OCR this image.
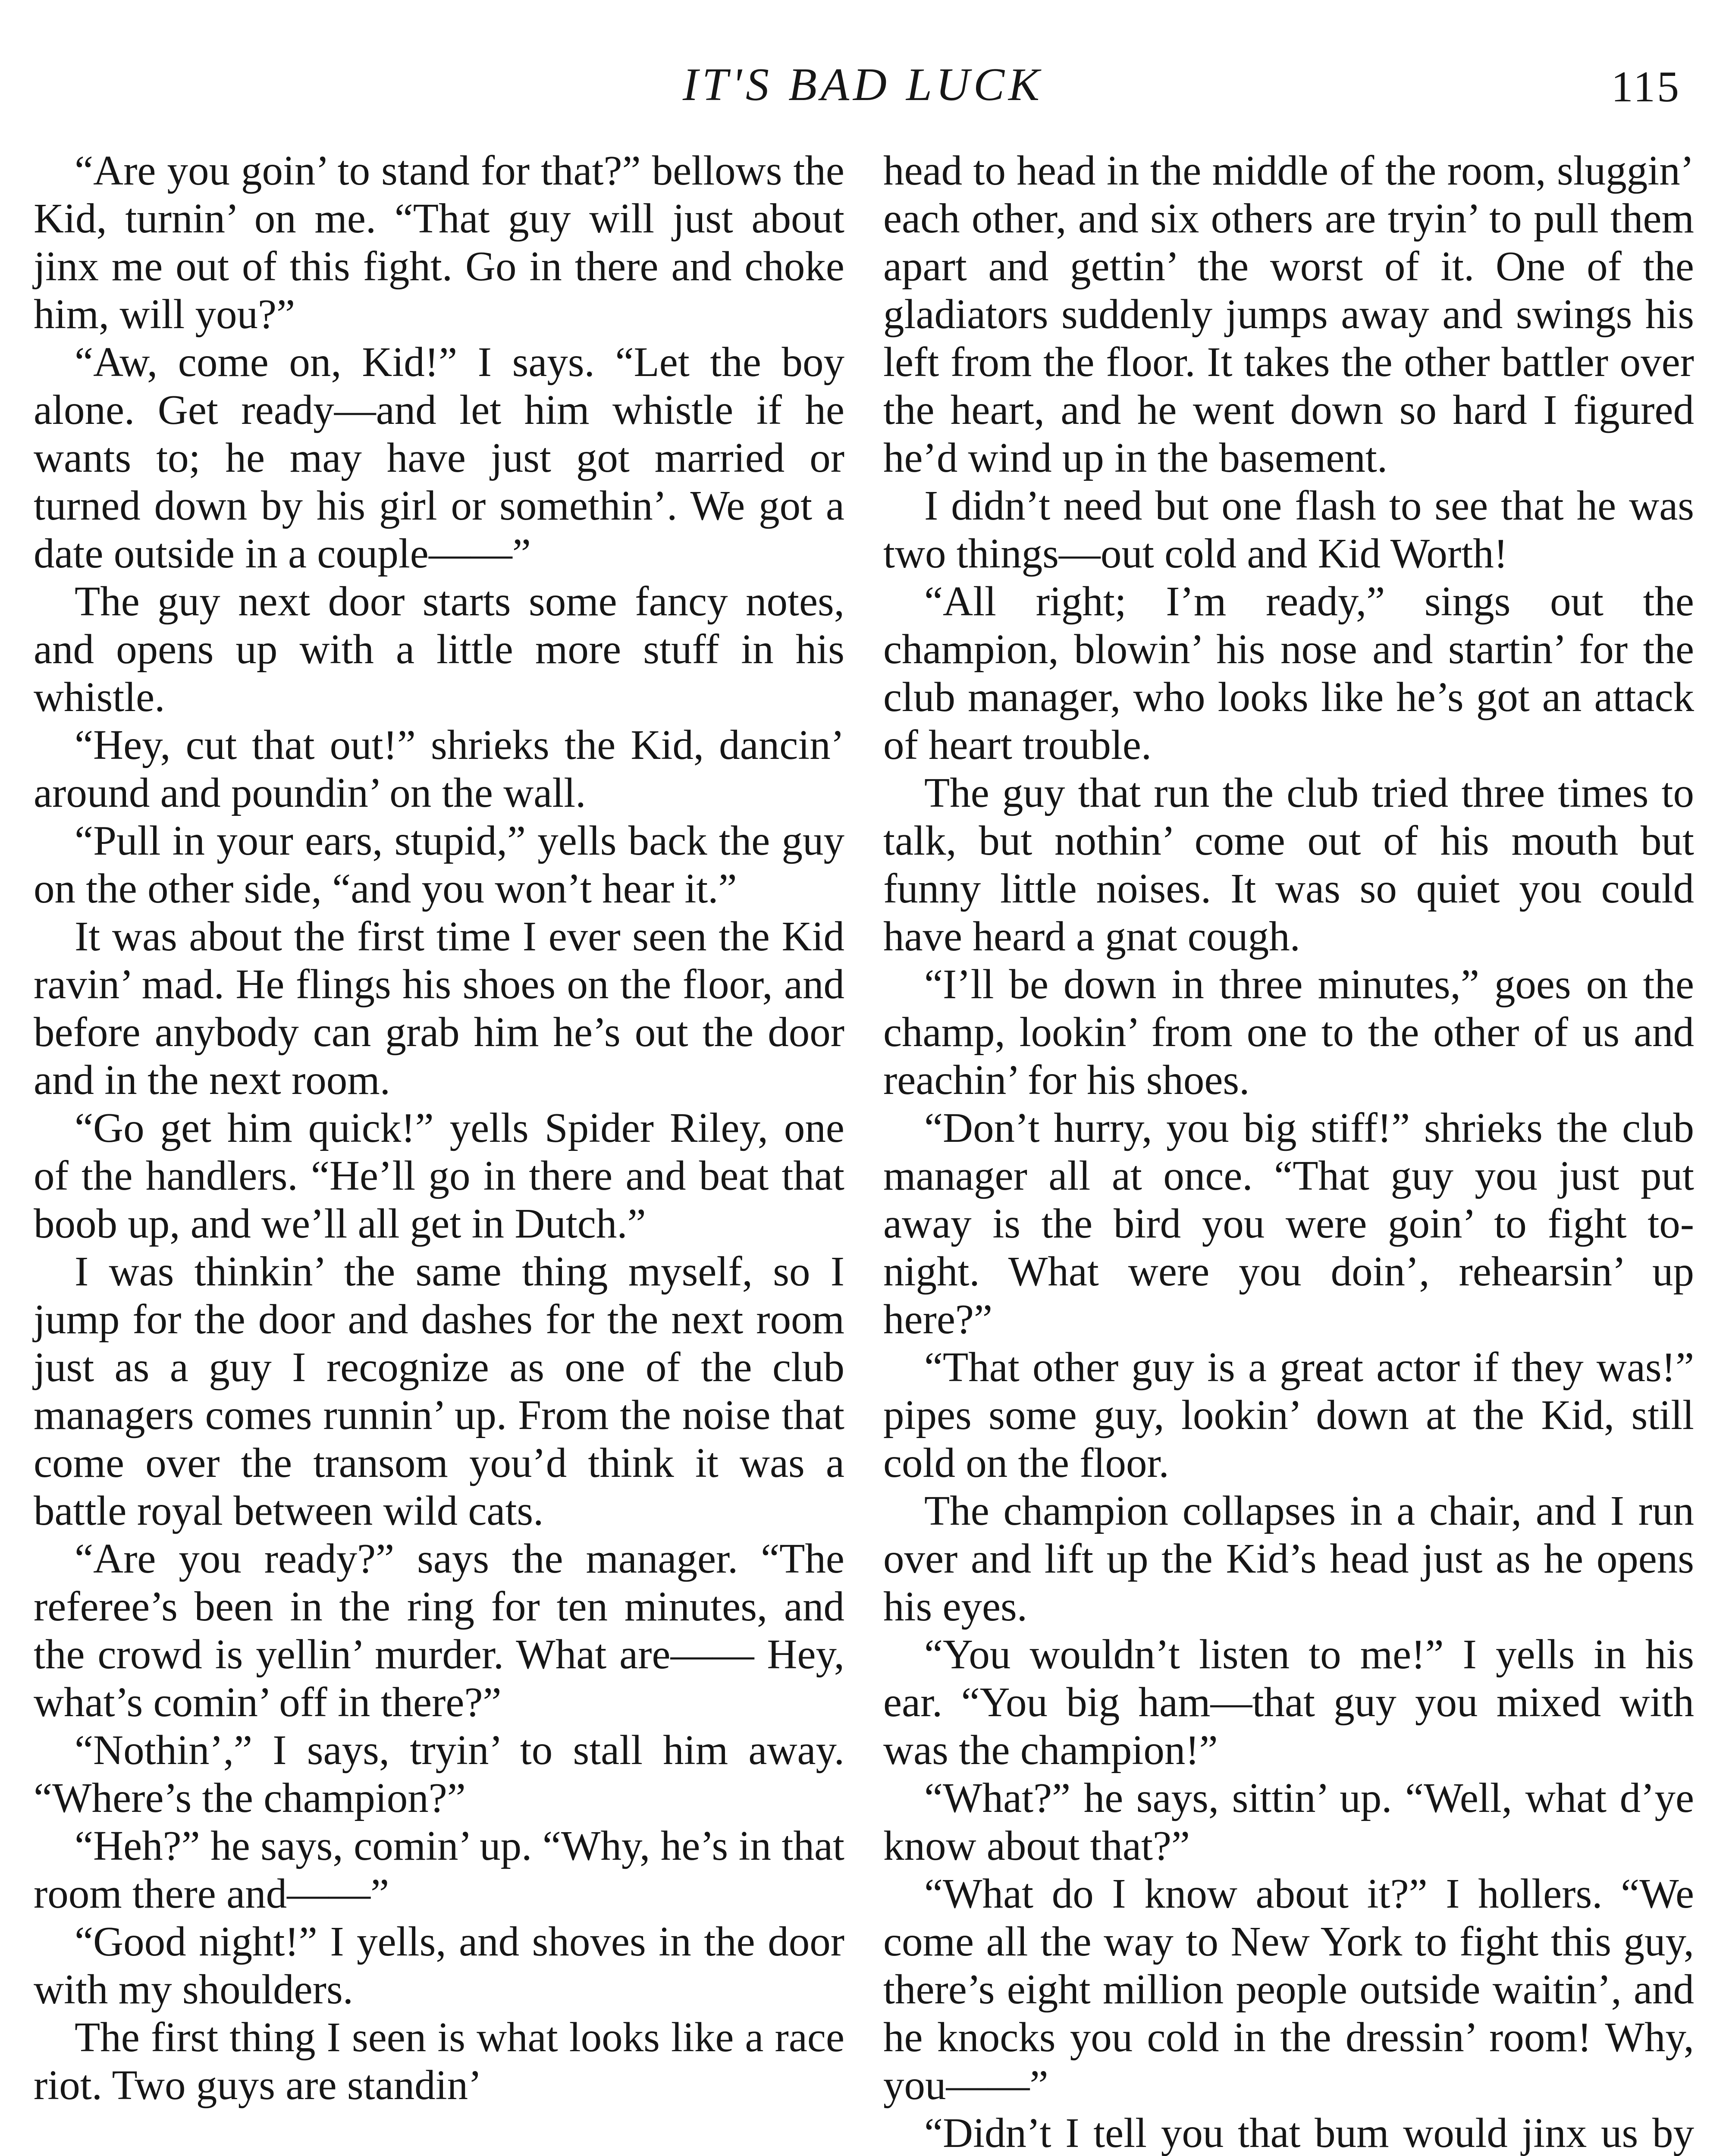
IT'S BAD LUCK	115

“Are you goin’ to stand for that?” bellows the Kid, turnin’ on me. “That guy will just about jinx me out of this fight. Go in there and choke him, will you?”

“Aw, come on, Kid!” I says. “Let the boy alone. Get ready—and let him whistle if he wants to; he may have just got married or turned down by his girl or somethin’. We got a date outside in a couple——”

The guy next door starts some fancy notes, and opens up with a little more stuff in his whistle.

“Hey, cut that out!” shrieks the Kid, dancin’ around and poundin’ on the wall.

“Pull in your ears, stupid,” yells back the guy on the other side, “and you won’t hear it.”

It was about the first time I ever seen the Kid ravin’ mad. He flings his shoes on the floor, and before anybody can grab him he’s out the door and in the next room.

“Go get him quick!” yells Spider Riley, one of the handlers. “He’ll go in there and beat that boob up, and we’ll all get in Dutch.”

I was thinkin’ the same thing myself, so I jump for the door and dashes for the next room just as a guy I recognize as one of the club managers comes runnin’ up. From the noise that come over the transom you’d think it was a battle royal between wild cats.

“Are you ready?” says the manager. “The referee’s been in the ring for ten minutes, and the crowd is yellin’ murder. What are—— Hey, what’s comin’ off in there?”

“Nothin’,” I says, tryin’ to stall him away. “Where’s the champion?”

“Heh?” he says, comin’ up. “Why, he’s in that room there and——”

“Good night!” I yells, and shoves in the door with my shoulders.

The first thing I seen is what looks like a race riot. Two guys are standin’

head to head in the middle of the room, sluggin’ each other, and six others are tryin’ to pull them apart and gettin’ the worst of it. One of the gladiators suddenly jumps away and swings his left from the floor. It takes the other battler over the heart, and he went down so hard I figured he’d wind up in the basement.

I didn’t need but one flash to see that he was two things—out cold and Kid Worth!

“All right; I’m ready,” sings out the champion, blowin’ his nose and startin’ for the club manager, who looks like he’s got an attack of heart trouble.

The guy that run the club tried three times to talk, but nothin’ come out of his mouth but funny little noises. It was so quiet you could have heard a gnat cough.

“I’ll be down in three minutes,” goes on the champ, lookin’ from one to the other of us and reachin’ for his shoes.

“Don’t hurry, you big stiff!” shrieks the club manager all at once. “That guy you just put away is the bird you were goin’ to fight to-night. What were you doin’, rehearsin’ up here?”

“That other guy is a great actor if they was!” pipes some guy, lookin’ down at the Kid, still cold on the floor.

The champion collapses in a chair, and I run over and lift up the Kid’s head just as he opens his eyes.

“You wouldn’t listen to me!” I yells in his ear. “You big ham—that guy you mixed with was the champion!”

“What?” he says, sittin’ up. “Well, what d’ye know about that?”

“What do I know about it?” I hollers. “We come all the way to New York to fight this guy, there’s eight million people outside waitin’, and he knocks you cold in the dressin’ room! Why, you——”

“Didn’t I tell you that bum would jinx us by
